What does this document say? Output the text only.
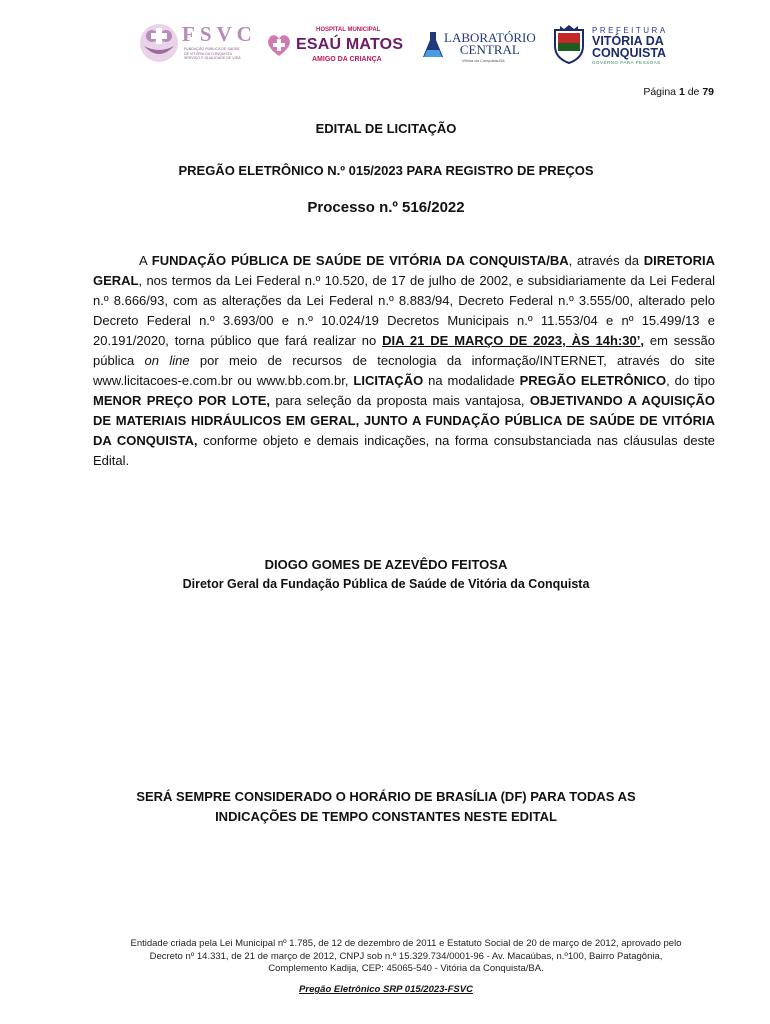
FSVC
FUNDAÇÃO PÚBLICA DE SAÚDE
DE VITÓRIA DA CONQUISTA
SERVIÇO E QUALIDADE DE VIDA
HOSPITAL MUNICIPAL
ESAÚ MATOS
AMIGO DA CRIANÇA
LABORATÓRIO
CENTRAL
Vitória da Conquista-BA
PREFEITURA
VITÓRIA DA
CONQUISTA
GOVERNO PARA PESSOAS
Página 1 de 79
EDITAL DE LICITAÇÃO
PREGÃO ELETRÔNICO N.º 015/2023 PARA REGISTRO DE PREÇOS
Processo n.º 516/2022
A FUNDAÇÃO PÚBLICA DE SAÚDE DE VITÓRIA DA CONQUISTA/BA, através da DIRETORIA GERAL, nos termos da Lei Federal n.º 10.520, de 17 de julho de 2002, e subsidiariamente da Lei Federal n.º 8.666/93, com as alterações da Lei Federal n.º 8.883/94, Decreto Federal n.º 3.555/00, alterado pelo Decreto Federal n.º 3.693/00 e n.º 10.024/19 Decretos Municipais n.º 11.553/04 e nº 15.499/13 e 20.191/2020, torna público que fará realizar no DIA 21 DE MARÇO DE 2023, ÀS 14h:30’, em sessão pública on line por meio de recursos de tecnologia da informação/INTERNET, através do site www.licitacoes-e.com.br ou www.bb.com.br, LICITAÇÃO na modalidade PREGÃO ELETRÔNICO, do tipo MENOR PREÇO POR LOTE, para seleção da proposta mais vantajosa, OBJETIVANDO A AQUISIÇÃO DE MATERIAIS HIDRÁULICOS EM GERAL, JUNTO A FUNDAÇÃO PÚBLICA DE SAÚDE DE VITÓRIA DA CONQUISTA, conforme objeto e demais indicações, na forma consubstanciada nas cláusulas deste Edital.
DIOGO GOMES DE AZEVÊDO FEITOSA
Diretor Geral da Fundação Pública de Saúde de Vitória da Conquista
SERÁ SEMPRE CONSIDERADO O HORÁRIO DE BRASÍLIA (DF) PARA TODAS AS
INDICAÇÕES DE TEMPO CONSTANTES NESTE EDITAL
Entidade criada pela Lei Municipal nº 1.785, de 12 de dezembro de 2011 e Estatuto Social de 20 de março de 2012, aprovado pelo
Decreto nº 14.331, de 21 de março de 2012, CNPJ sob n.º 15.329.734/0001-96 - Av. Macaúbas, n.º100, Bairro Patagônia,
Complemento Kadija, CEP: 45065-540 - Vitória da Conquista/BA.
Pregão Eletrônico SRP 015/2023-FSVC
